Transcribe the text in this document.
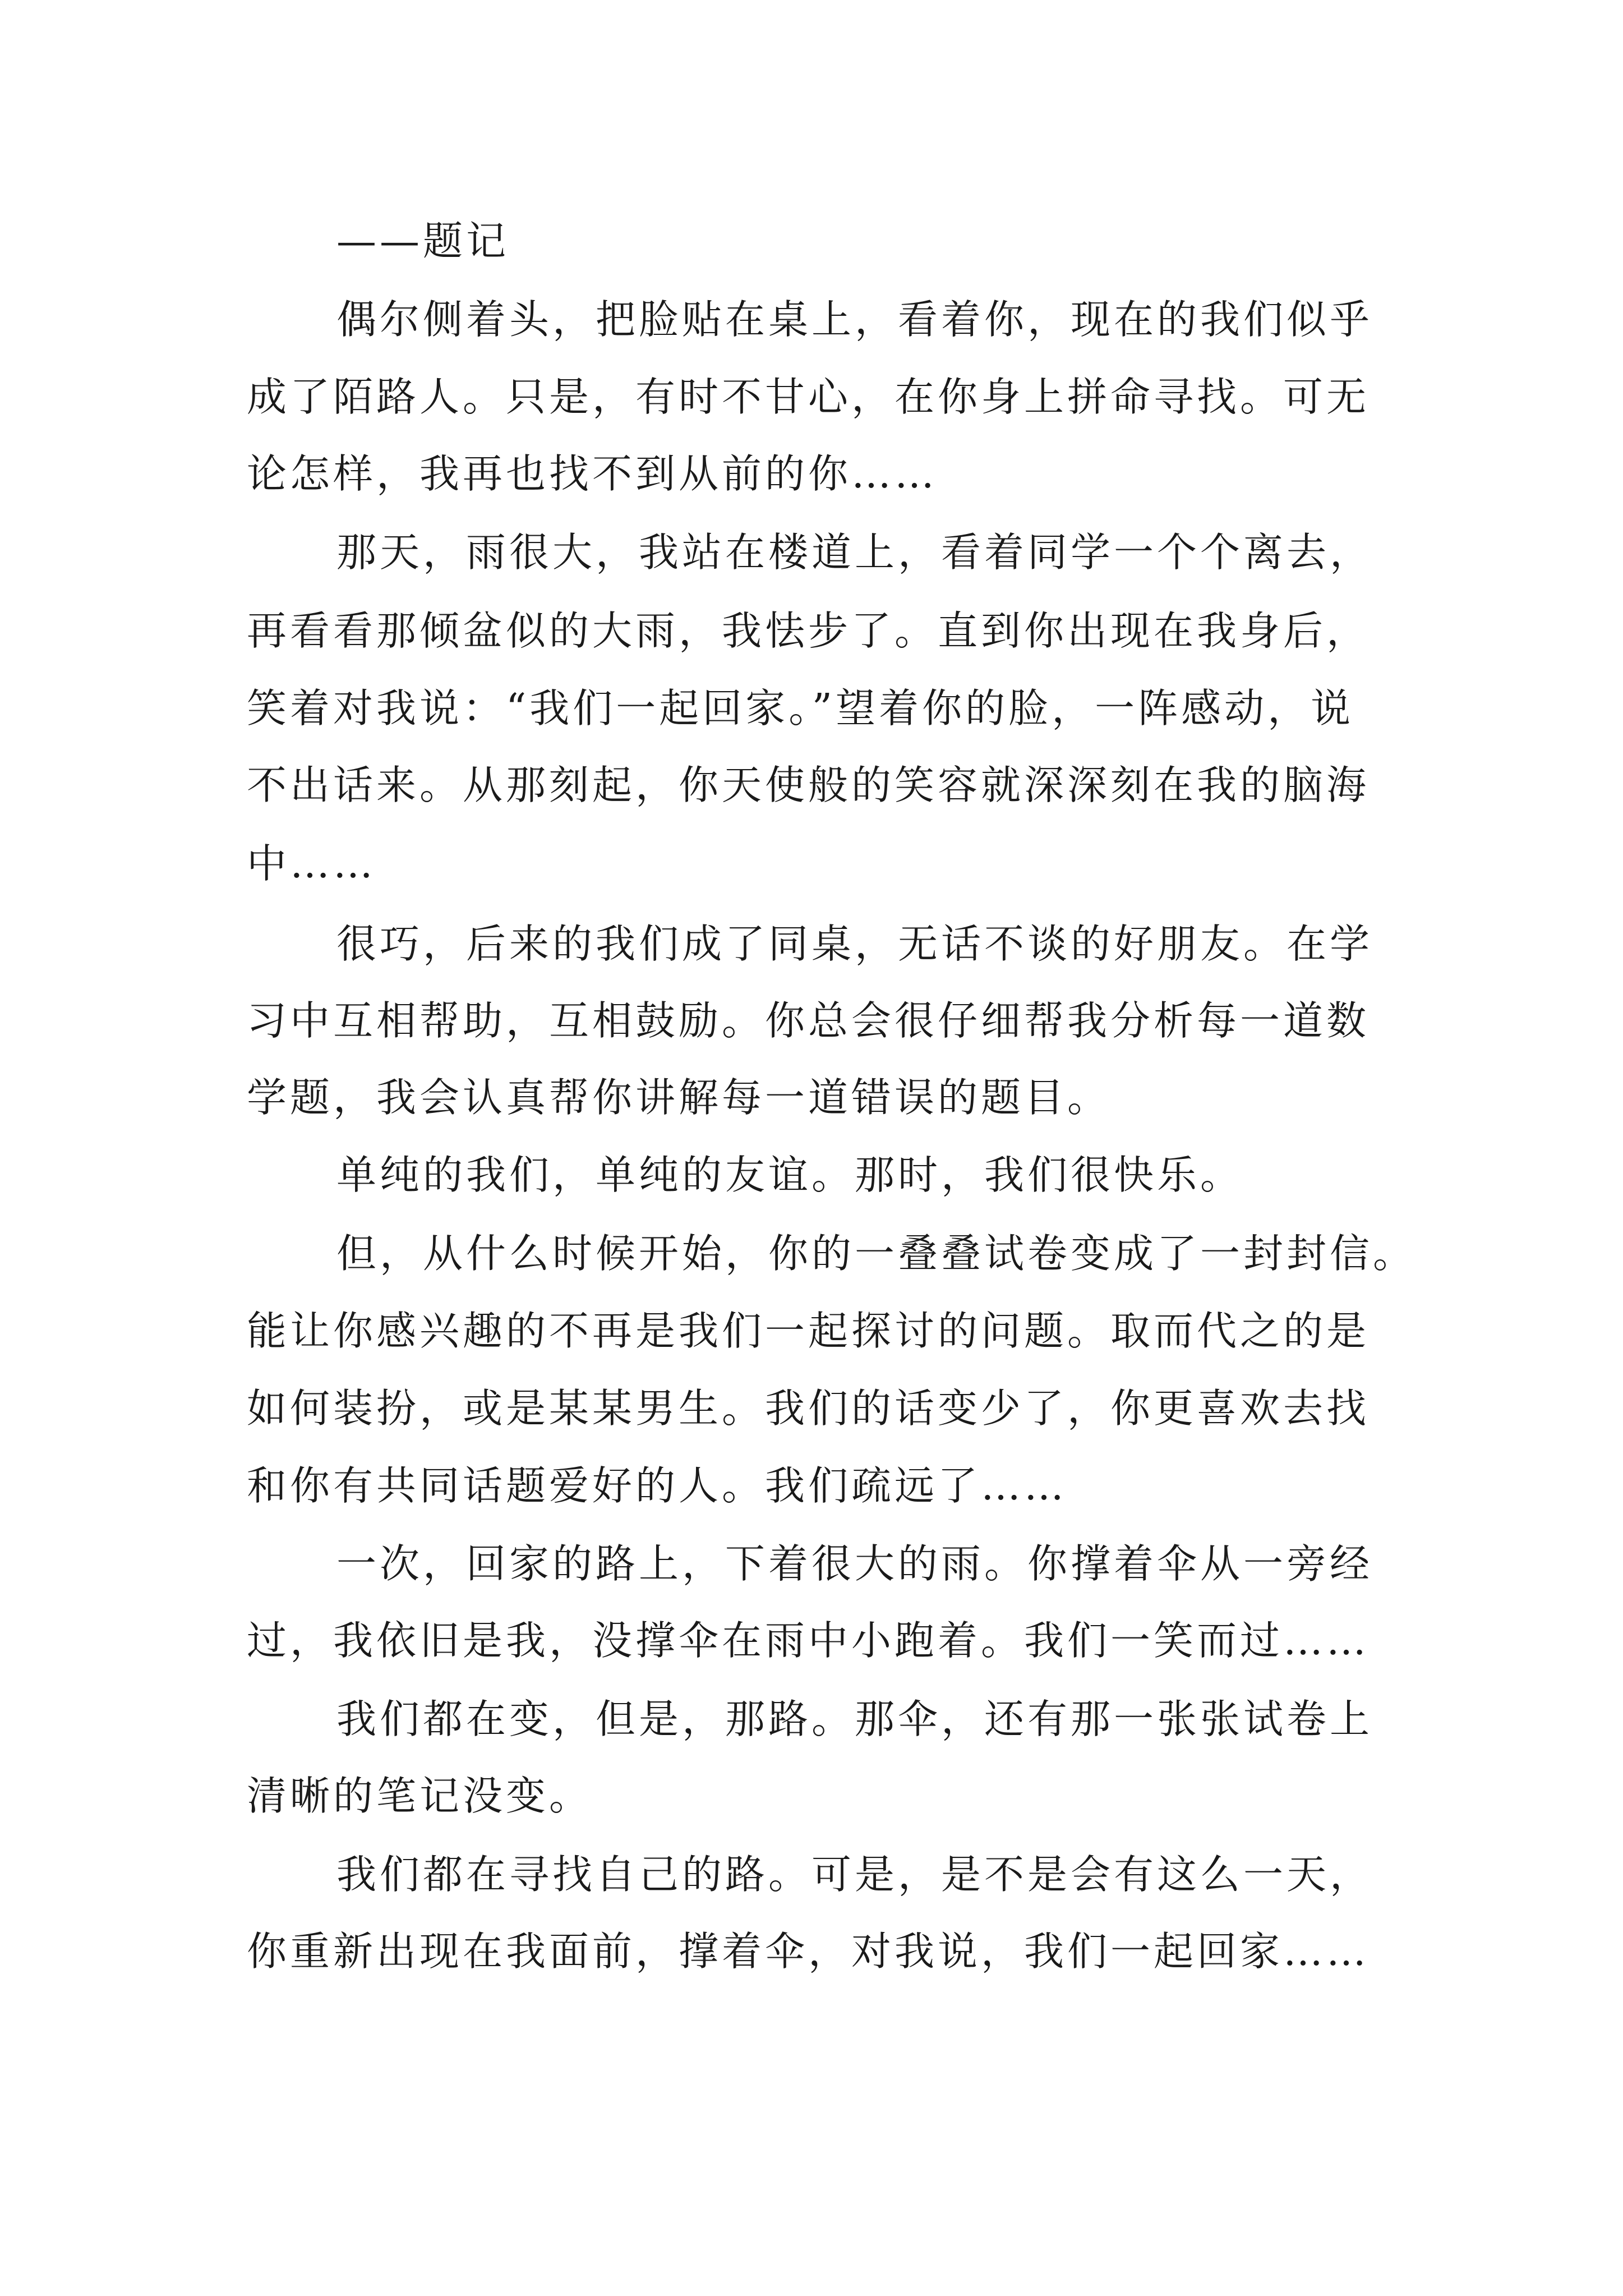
——题记
偶尔侧着头，把脸贴在桌上，看着你，现在的我们似乎
成了陌路人。只是，有时不甘心，在你身上拼命寻找。可无
论怎样，我再也找不到从前的你……
那天，雨很大，我站在楼道上，看着同学一个个离去，
再看看那倾盆似的大雨，我怯步了。直到你出现在我身后，
笑着对我说：“我们一起回家。”望着你的脸，一阵感动，说
不出话来。从那刻起，你天使般的笑容就深深刻在我的脑海
中……
很巧，后来的我们成了同桌，无话不谈的好朋友。在学
习中互相帮助，互相鼓励。你总会很仔细帮我分析每一道数
学题，我会认真帮你讲解每一道错误的题目。
单纯的我们，单纯的友谊。那时，我们很快乐。
但，从什么时候开始，你的一叠叠试卷变成了一封封信。
能让你感兴趣的不再是我们一起探讨的问题。取而代之的是
如何装扮，或是某某男生。我们的话变少了，你更喜欢去找
和你有共同话题爱好的人。我们疏远了……
一次，回家的路上，下着很大的雨。你撑着伞从一旁经
过，我依旧是我，没撑伞在雨中小跑着。我们一笑而过……
我们都在变，但是，那路。那伞，还有那一张张试卷上
清晰的笔记没变。
我们都在寻找自己的路。可是，是不是会有这么一天，
你重新出现在我面前，撑着伞，对我说，我们一起回家……
